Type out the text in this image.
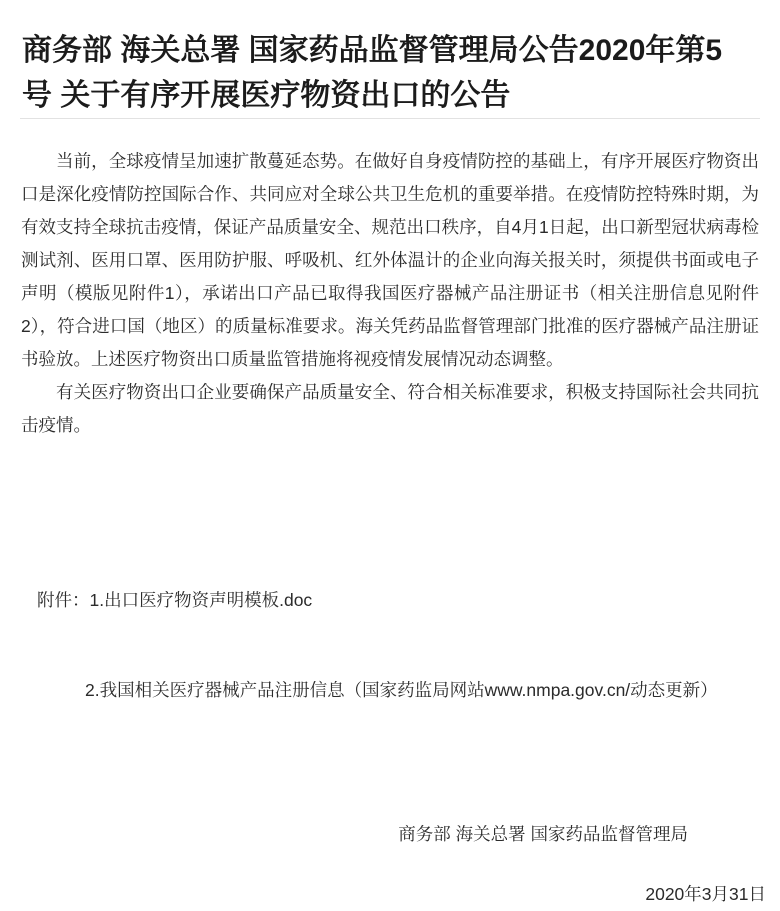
商务部 海关总署 国家药品监督管理局公告2020年第5号 关于有序开展医疗物资出口的公告

当前，全球疫情呈加速扩散蔓延态势。在做好自身疫情防控的基础上，有序开展医疗物资出口是深化疫情防控国际合作、共同应对全球公共卫生危机的重要举措。在疫情防控特殊时期，为有效支持全球抗击疫情，保证产品质量安全、规范出口秩序，自4月1日起，出口新型冠状病毒检测试剂、医用口罩、医用防护服、呼吸机、红外体温计的企业向海关报关时，须提供书面或电子声明（模版见附件1），承诺出口产品已取得我国医疗器械产品注册证书（相关注册信息见附件2），符合进口国（地区）的质量标准要求。海关凭药品监督管理部门批准的医疗器械产品注册证书验放。上述医疗物资出口质量监管措施将视疫情发展情况动态调整。

有关医疗物资出口企业要确保产品质量安全、符合相关标准要求，积极支持国际社会共同抗击疫情。

附件：1.出口医疗物资声明模板.doc
2.我国相关医疗器械产品注册信息（国家药监局网站www.nmpa.gov.cn/动态更新）
商务部 海关总署 国家药品监督管理局
2020年3月31日
